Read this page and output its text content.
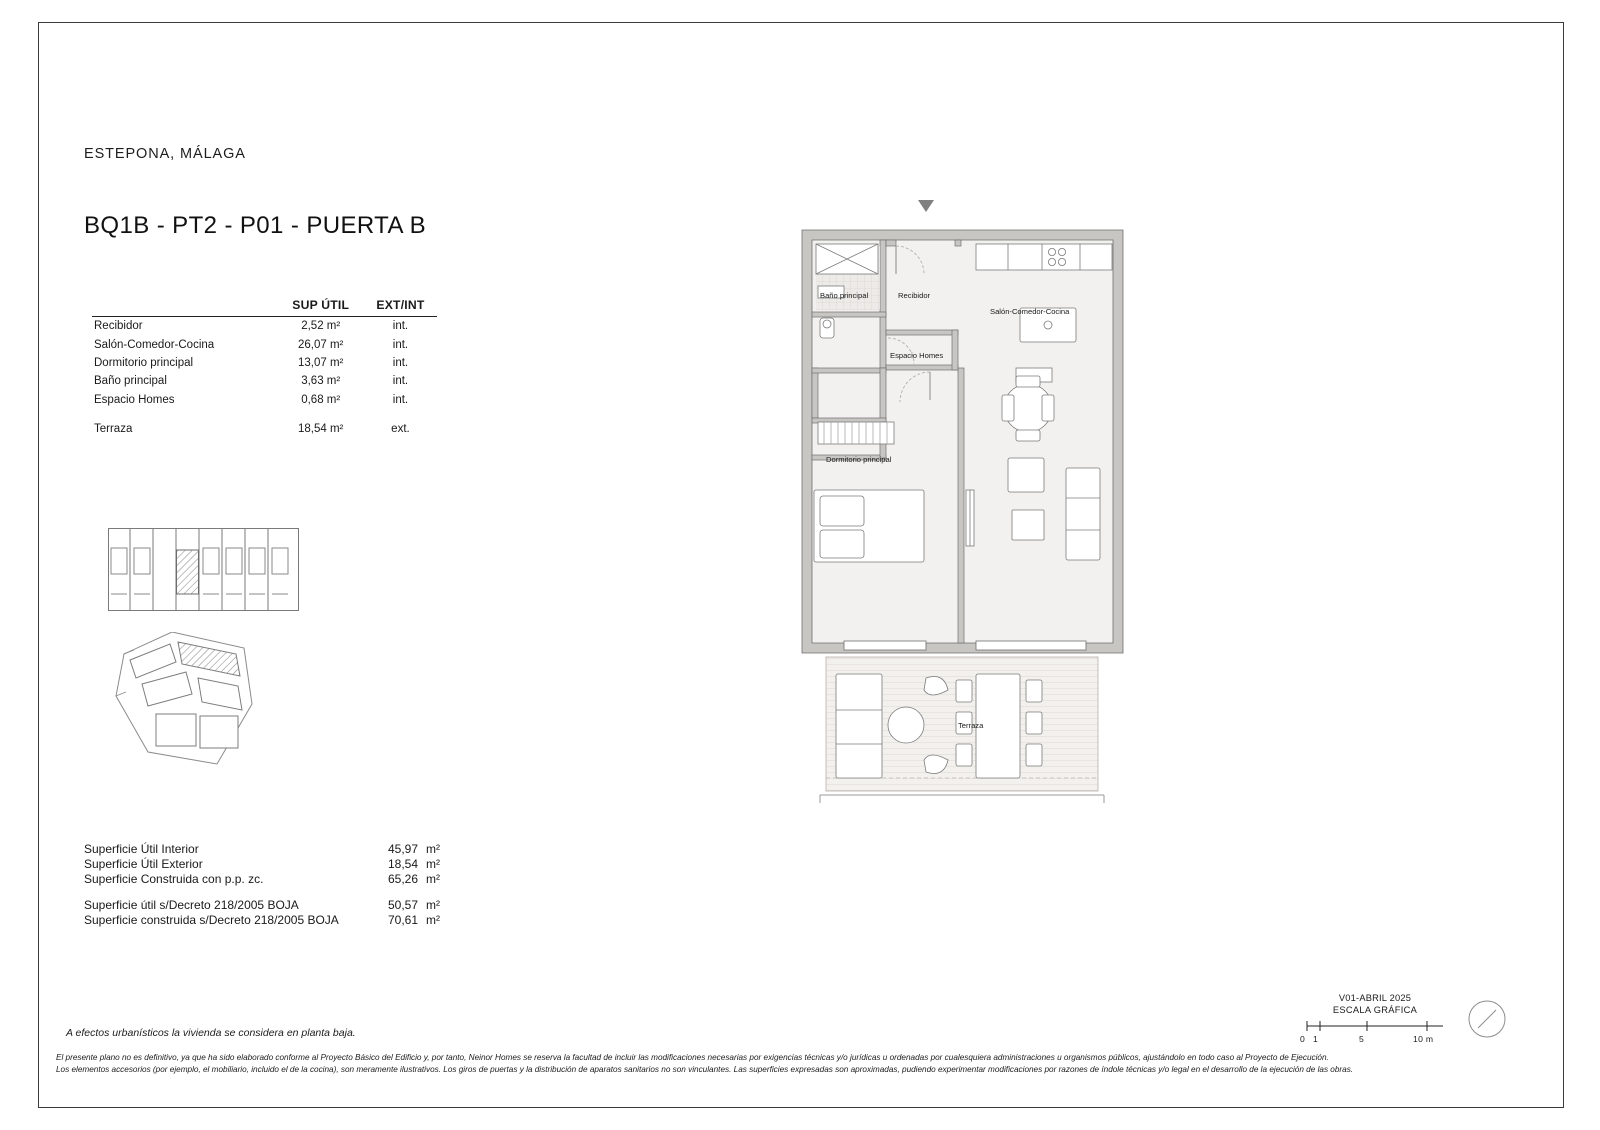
ESTEPONA, MÁLAGA
BQ1B - PT2 - P01 - PUERTA B
	SUP ÚTIL	EXT/INT
Recibidor	2,52 m²	int.
Salón-Comedor-Cocina	26,07 m²	int.
Dormitorio principal	13,07 m²	int.
Baño principal	3,63 m²	int.
Espacio Homes	0,68 m²	int.
Terraza	18,54 m²	ext.
Superficie Útil Interior	45,97 m²
Superficie Útil Exterior	18,54 m²
Superficie Construida con p.p. zc.	65,26 m²
Superficie útil s/Decreto 218/2005 BOJA	50,57 m²
Superficie construida s/Decreto 218/2005 BOJA	70,61 m²
A efectos urbanísticos la vivienda se considera en planta baja.
El presente plano no es definitivo, ya que ha sido elaborado conforme al Proyecto Básico del Edificio y, por tanto, Neinor Homes se reserva la facultad de incluir las modificaciones necesarias por exigencias técnicas y/o jurídicas u ordenadas por cualesquiera administraciones u organismos públicos, ajustándolo en todo caso al Proyecto de Ejecución.
Los elementos accesorios (por ejemplo, el mobiliario, incluido el de la cocina), son meramente ilustrativos. Los giros de puertas y la distribución de aparatos sanitarios no son vinculantes. Las superficies expresadas son aproximadas, pudiendo experimentar modificaciones por razones de índole técnicas y/o legal en el desarrollo de la ejecución de las obras.
V01-ABRIL 2025
ESCALA GRÁFICA
0 1	5	10 m
Baño principal	Recibidor
Salón-Comedor-Cocina
Espacio Homes
Dormitorio principal
Terraza
